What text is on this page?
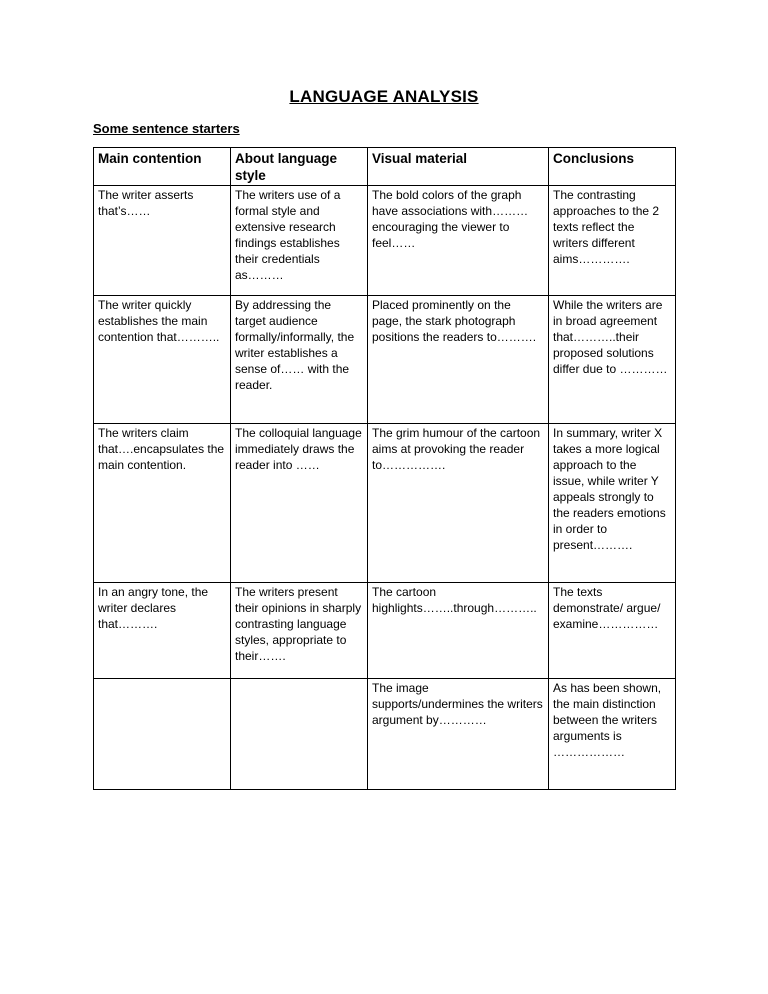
LANGUAGE ANALYSIS
Some sentence starters
Main contention	About language style	Visual material	Conclusions
The writer asserts that’s……	The writers use of a formal style and extensive research findings establishes their credentials as………	The bold colors of the graph have associations with………encouraging the viewer to feel……	The contrasting approaches to the 2 texts reflect the writers different aims………….
The writer quickly establishes the main contention that………..	By addressing the target audience formally/informally, the writer establishes a sense of…… with the reader.	Placed prominently on the page, the stark photograph positions the readers to……….	While the writers are in broad agreement that………..their proposed solutions differ due to …………
The writers claim that….encapsulates the main contention.	The colloquial language immediately draws the reader into ……	The grim humour of the cartoon aims at provoking the reader to…………….	In summary, writer X takes a more logical approach to the issue, while writer Y appeals strongly to the readers emotions in order to present……….
In an angry tone, the writer declares that……….	The writers present their opinions in sharply contrasting language styles, appropriate to their…….	The cartoon highlights……..through………..	The texts demonstrate/ argue/ examine……………
		The image supports/undermines the writers argument by…………	As has been shown, the main distinction between the writers arguments is ………………
